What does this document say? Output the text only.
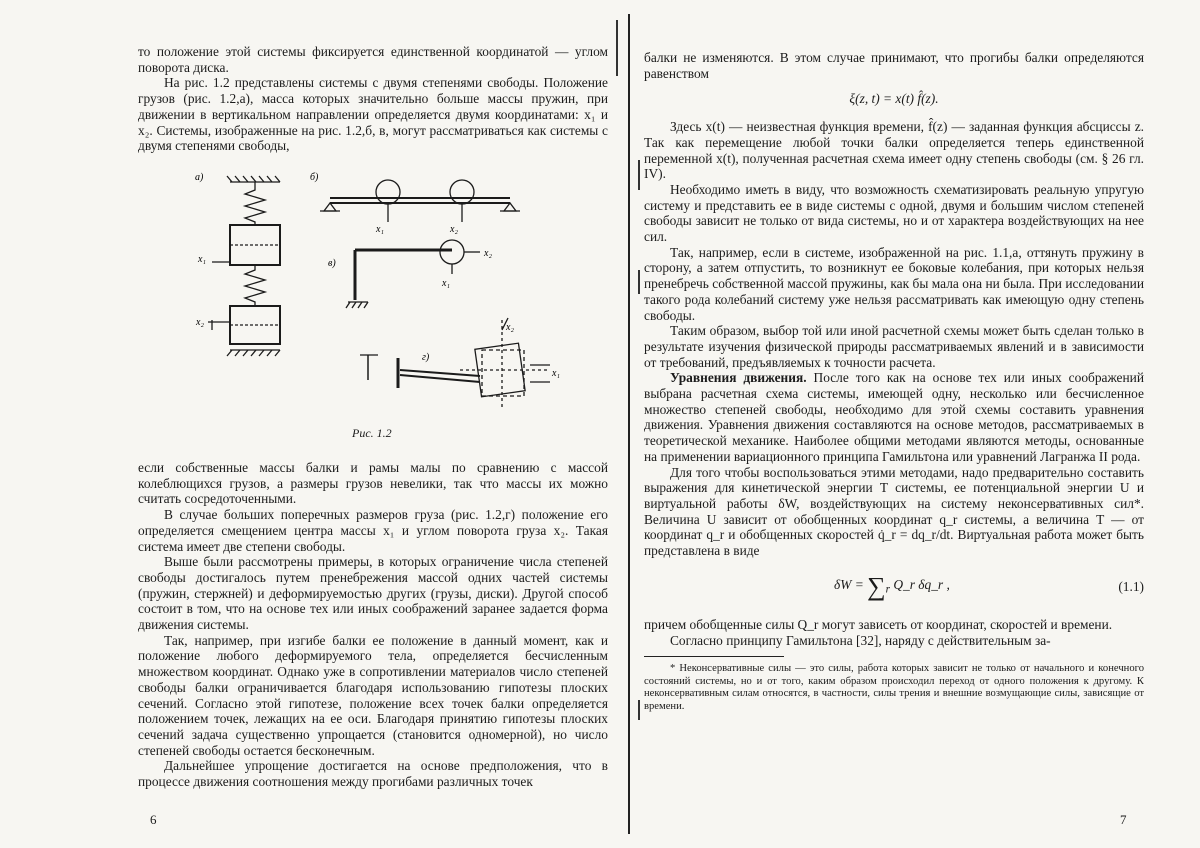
то положение этой системы фиксируется единственной координатой — углом поворота диска.

На рис. 1.2 представлены системы с двумя степенями свободы. Положение грузов (рис. 1.2,а), масса которых значительно больше массы пружин, при движении в вертикальном направлении определяется двумя координатами: x₁ и x₂. Системы, изображенные на рис. 1.2,б, в, могут рассматриваться как системы с двумя степенями свободы,

а)	б)
в)
г)
x₁
x₂
x₁	x₂
x₂
x₁
x₂
x₁
Рис. 1.2

если собственные массы балки и рамы малы по сравнению с массой колеблющихся грузов, а размеры грузов невелики, так что массы их можно считать сосредоточенными.

В случае больших поперечных размеров груза (рис. 1.2,г) положение его определяется смещением центра массы x₁ и углом поворота груза x₂. Такая система имеет две степени свободы.

Выше были рассмотрены примеры, в которых ограничение числа степеней свободы достигалось путем пренебрежения массой одних частей системы (пружин, стержней) и деформируемостью других (грузы, диски). Другой способ состоит в том, что на основе тех или иных соображений заранее задается форма движения системы.

Так, например, при изгибе балки ее положение в данный момент, как и положение любого деформируемого тела, определяется бесчисленным множеством координат. Однако уже в сопротивлении материалов число степеней свободы балки ограничивается благодаря использованию гипотезы плоских сечений. Согласно этой гипотезе, положение всех точек балки определяется положением точек, лежащих на ее оси. Благодаря принятию гипотезы плоских сечений задача существенно упрощается (становится одномерной), но число степеней свободы остается бесконечным.

Дальнейшее упрощение достигается на основе предположения, что в процессе движения соотношения между прогибами различных точек

6

балки не изменяются. В этом случае принимают, что прогибы балки определяются равенством

ξ(z, t) = x(t) f̂(z).

Здесь x(t) — неизвестная функция времени, f̂(z) — заданная функция абсциссы z. Так как перемещение любой точки балки определяется теперь единственной переменной x(t), полученная расчетная схема имеет одну степень свободы (см. § 26 гл. IV).

Необходимо иметь в виду, что возможность схематизировать реальную упругую систему и представить ее в виде системы с одной, двумя и большим числом степеней свободы зависит не только от вида системы, но и от характера воздействующих на нее сил.

Так, например, если в системе, изображенной на рис. 1.1,а, оттянуть пружину в сторону, а затем отпустить, то возникнут ее боковые колебания, при которых нельзя пренебречь собственной массой пружины, как бы мала она ни была. При исследовании такого рода колебаний систему уже нельзя рассматривать как имеющую одну степень свободы.

Таким образом, выбор той или иной расчетной схемы может быть сделан только в результате изучения физической природы рассматриваемых явлений и в зависимости от требований, предъявляемых к точности расчета.

Уравнения движения. После того как на основе тех или иных соображений выбрана расчетная схема системы, имеющей одну, несколько или бесчисленное множество степеней свободы, необходимо для этой схемы составить уравнения движения. Уравнения движения составляются на основе методов, рассматриваемых в теоретической механике. Наиболее общими методами являются методы, основанные на применении вариационного принципа Гамильтона или уравнений Лагранжа II рода.

Для того чтобы воспользоваться этими методами, надо предварительно составить выражения для кинетической энергии T системы, ее потенциальной энергии U и виртуальной работы δW, воздействующих на систему неконсервативных сил*. Величина U зависит от обобщенных координат q_r системы, а величина T — от координат q_r и обобщенных скоростей q̇_r = dq_r/dt. Виртуальная работа может быть представлена в виде

$\delta W = \sum_r$ Q_r δq_r ,	(1.1)

причем обобщенные силы Q_r могут зависеть от координат, скоростей и времени.

Согласно принципу Гамильтона [32], наряду с действительным за-

* Неконсервативные силы — это силы, работа которых зависит не только от начального и конечного состояний системы, но и от того, каким образом происходил переход от одного положения к другому. К неконсервативным силам относятся, в частности, силы трения и внешние возмущающие силы, зависящие от времени.

7
